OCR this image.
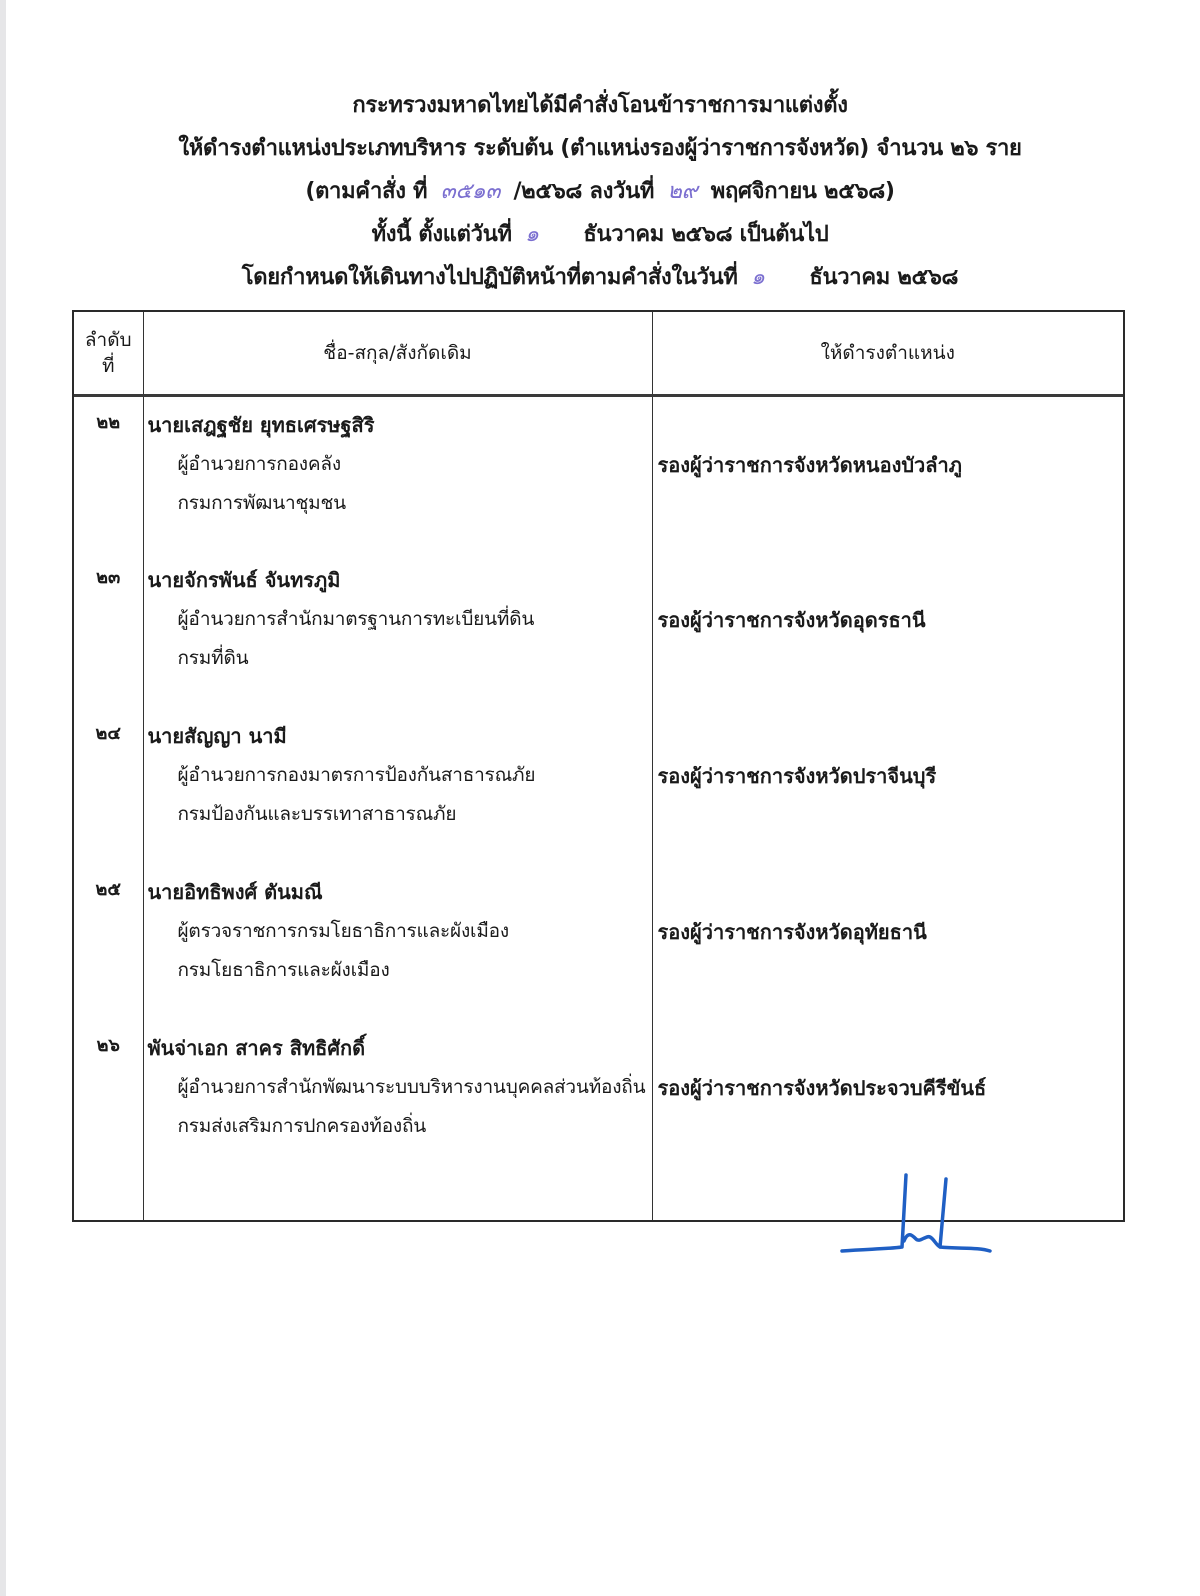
กระทรวงมหาดไทยได้มีคำสั่งโอนข้าราชการมาแต่งตั้ง
ให้ดำรงตำแหน่งประเภทบริหาร ระดับต้น (ตำแหน่งรองผู้ว่าราชการจังหวัด) จำนวน ๒๖ ราย
(ตามคำสั่ง ที่ ๓๕๑๓ /๒๕๖๘ ลงวันที่ ๒๙ พฤศจิกายน ๒๕๖๘)
ทั้งนี้ ตั้งแต่วันที่ ๑ ธันวาคม ๒๕๖๘ เป็นต้นไป
โดยกำหนดให้เดินทางไปปฏิบัติหน้าที่ตามคำสั่งในวันที่ ๑ ธันวาคม ๒๕๖๘
ลำดับ
ที่	ชื่อ-สกุล/สังกัดเดิม	ให้ดำรงตำแหน่ง
๒๒	นายเสฎฐชัย ยุทธเศรษฐสิริ
ผู้อำนวยการกองคลัง
กรมการพัฒนาชุมชน	รองผู้ว่าราชการจังหวัดหนองบัวลำภู

๒๓	นายจักรพันธ์ จันทรภูมิ
ผู้อำนวยการสำนักมาตรฐานการทะเบียนที่ดิน
กรมที่ดิน	รองผู้ว่าราชการจังหวัดอุดรธานี

๒๔	นายสัญญา นามี
ผู้อำนวยการกองมาตรการป้องกันสาธารณภัย
กรมป้องกันและบรรเทาสาธารณภัย	รองผู้ว่าราชการจังหวัดปราจีนบุรี

๒๕	นายอิทธิพงศ์ ตันมณี
ผู้ตรวจราชการกรมโยธาธิการและผังเมือง
กรมโยธาธิการและผังเมือง	รองผู้ว่าราชการจังหวัดอุทัยธานี

๒๖	พันจ่าเอก สาคร สิทธิศักดิ์
ผู้อำนวยการสำนักพัฒนาระบบบริหารงานบุคคลส่วนท้องถิ่น
กรมส่งเสริมการปกครองท้องถิ่น	รองผู้ว่าราชการจังหวัดประจวบคีรีขันธ์
